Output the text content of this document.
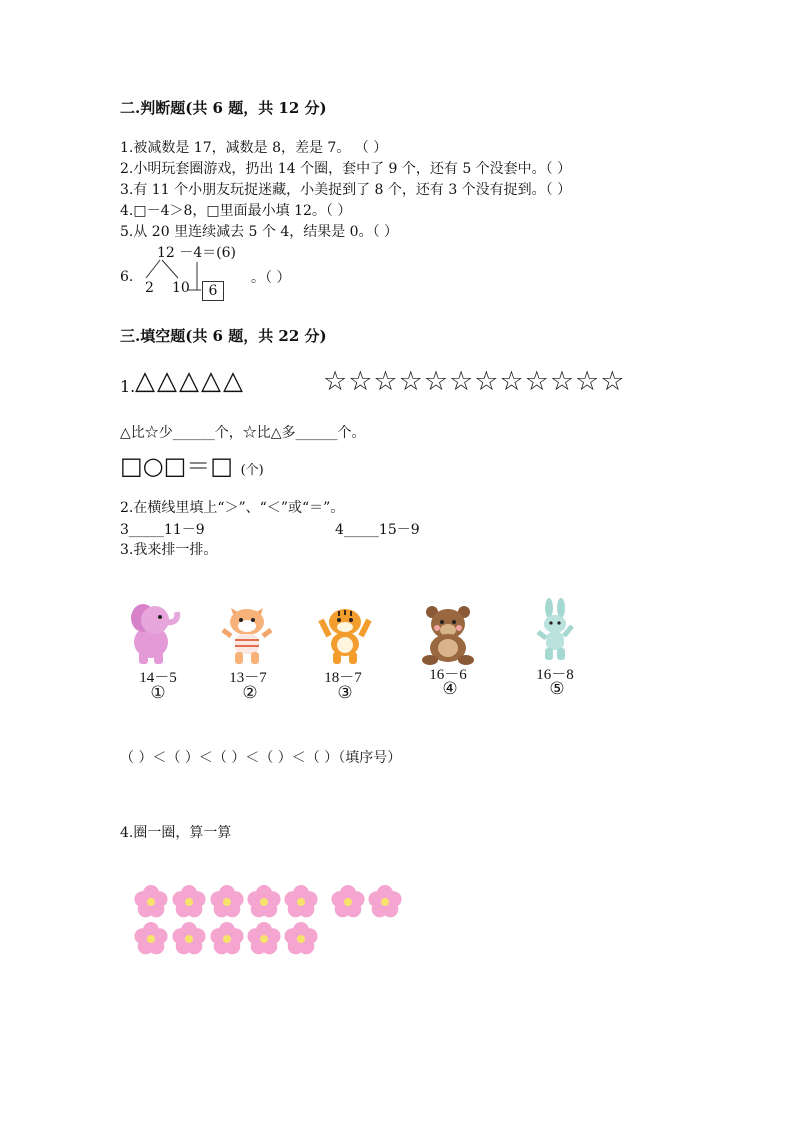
二.判断题(共 6 题，共 12 分)
1.被减数是 17，减数是 8，差是 7。 （ ）
2.小明玩套圈游戏，扔出 14 个圈，套中了 9 个，还有 5 个没套中。（ ）
3.有 11 个小朋友玩捉迷藏，小美捉到了 8 个，还有 3 个没有捉到。（ ）
4.□－4＞8，□里面最小填 12。（ ）
5.从 20 里连续减去 5 个 4，结果是 0。（ ）
6.
12 －4＝(6)
2 10	6
。（ ）
三.填空题(共 6 题，共 22 分)
1. △△△△△	☆☆☆☆☆☆☆☆☆☆☆☆
△比☆少______个，☆比△多______个。
□○□＝□ (个)
2.在横线里填上“＞”、“＜”或“＝”。
3_____11－9	4_____15－9
3.我来排一排。
14－5
①
13－7
②
18－7
③
16－6
④
16－8
⑤
（ ）＜（ ）＜（ ）＜（ ）＜（ ）（填序号）
4.圈一圈，算一算
